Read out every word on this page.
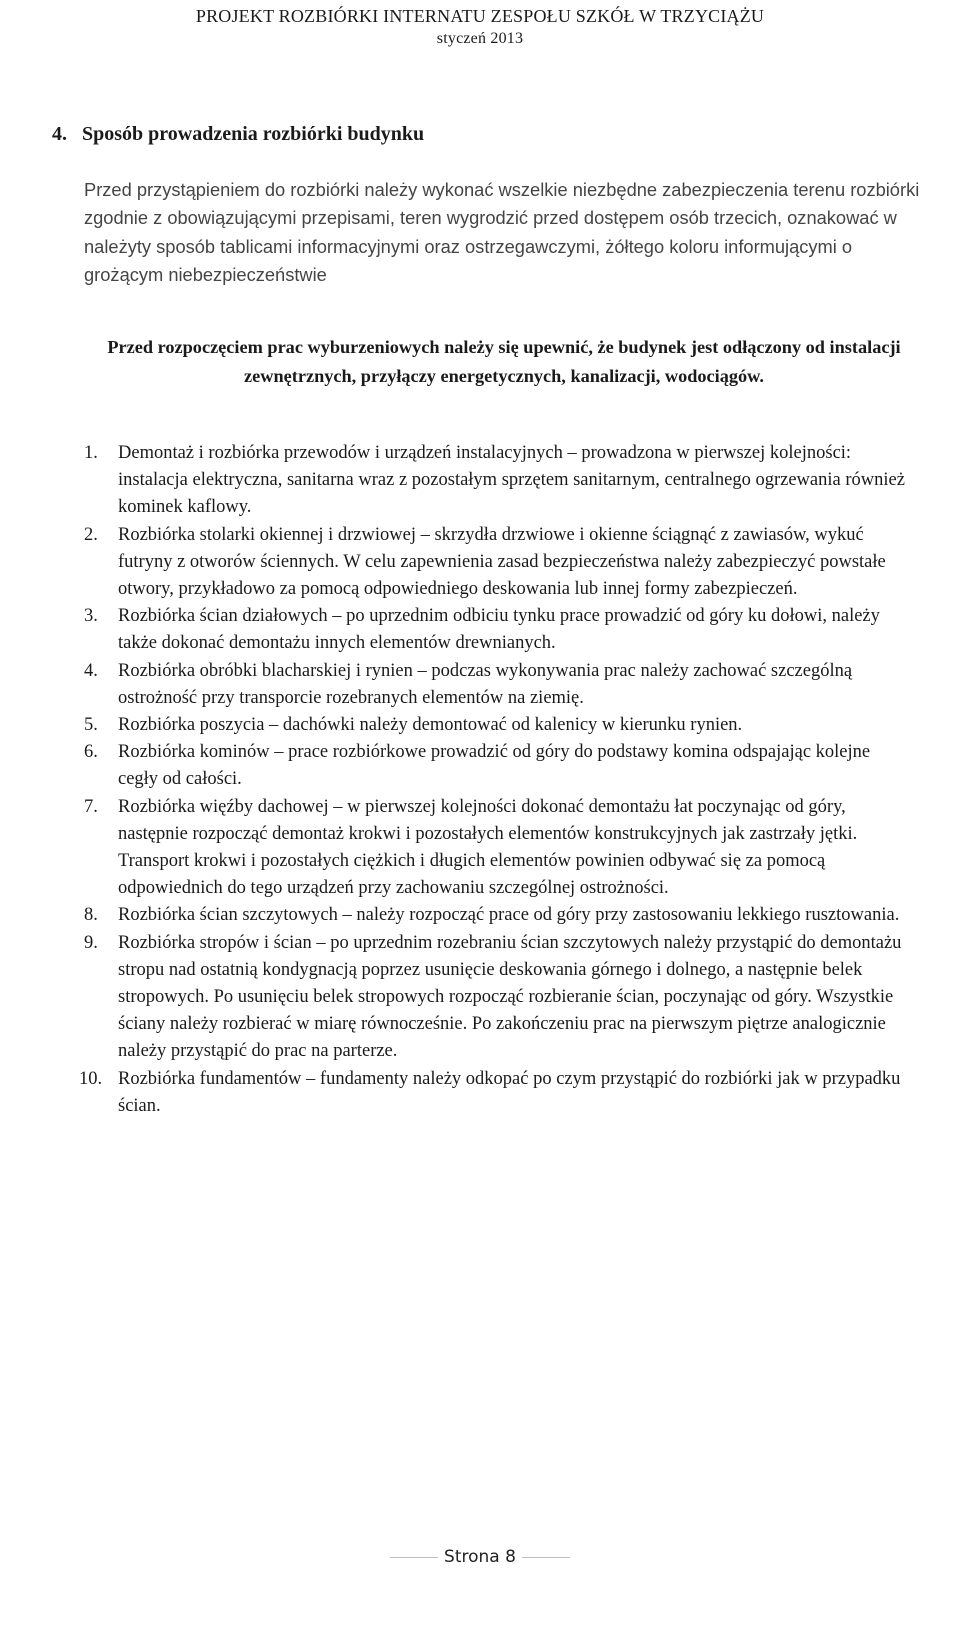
PROJEKT ROZBIÓRKI INTERNATU ZESPOŁU SZKÓŁ W TRZYCIĄŻU
styczeń 2013
4. Sposób prowadzenia rozbiórki budynku

Przed przystąpieniem do rozbiórki należy wykonać wszelkie niezbędne zabezpieczenia terenu rozbiórki zgodnie z obowiązującymi przepisami, teren wygrodzić przed dostępem osób trzecich, oznakować w należyty sposób tablicami informacyjnymi oraz ostrzegawczymi, żółtego koloru informującymi o grożącym niebezpieczeństwie

Przed rozpoczęciem prac wyburzeniowych należy się upewnić, że budynek jest odłączony od instalacji zewnętrznych, przyłączy energetycznych, kanalizacji, wodociągów.

1.	Demontaż i rozbiórka przewodów i urządzeń instalacyjnych – prowadzona w pierwszej kolejności: instalacja elektryczna, sanitarna wraz z pozostałym sprzętem sanitarnym, centralnego ogrzewania również kominek kaflowy.
2.	Rozbiórka stolarki okiennej i drzwiowej – skrzydła drzwiowe i okienne ściągnąć z zawiasów, wykuć futryny z otworów ściennych. W celu zapewnienia zasad bezpieczeństwa należy zabezpieczyć powstałe otwory, przykładowo za pomocą odpowiedniego deskowania lub innej formy zabezpieczeń.
3.	Rozbiórka ścian działowych – po uprzednim odbiciu tynku prace prowadzić od góry ku dołowi, należy także dokonać demontażu innych elementów drewnianych.
4.	Rozbiórka obróbki blacharskiej i rynien – podczas wykonywania prac należy zachować szczególną ostrożność przy transporcie rozebranych elementów na ziemię.
5.	Rozbiórka poszycia – dachówki należy demontować od kalenicy w kierunku rynien.
6.	Rozbiórka kominów – prace rozbiórkowe prowadzić od góry do podstawy komina odspajając kolejne cegły od całości.
7.	Rozbiórka więźby dachowej – w pierwszej kolejności dokonać demontażu łat poczynając od góry, następnie rozpocząć demontaż krokwi i pozostałych elementów konstrukcyjnych jak zastrzały jętki. Transport krokwi i pozostałych ciężkich i długich elementów powinien odbywać się za pomocą odpowiednich do tego urządzeń przy zachowaniu szczególnej ostrożności.
8.	Rozbiórka ścian szczytowych – należy rozpocząć prace od góry przy zastosowaniu lekkiego rusztowania.
9.	Rozbiórka stropów i ścian – po uprzednim rozebraniu ścian szczytowych należy przystąpić do demontażu stropu nad ostatnią kondygnacją poprzez usunięcie deskowania górnego i dolnego, a następnie belek stropowych. Po usunięciu belek stropowych rozpocząć rozbieranie ścian, poczynając od góry. Wszystkie ściany należy rozbierać w miarę równocześnie. Po zakończeniu prac na pierwszym piętrze analogicznie należy przystąpić do prac na parterze.
10. Rozbiórka fundamentów – fundamenty należy odkopać po czym przystąpić do rozbiórki jak w przypadku ścian.
Strona 8
